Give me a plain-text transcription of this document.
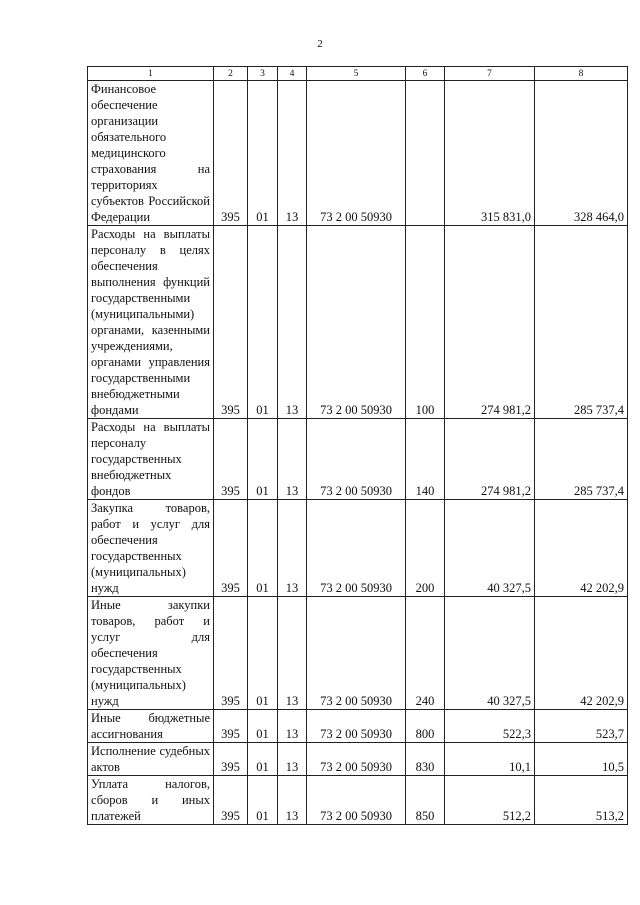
2
1	2	3	4	5	6	7	8
Финансовое обеспечение организации обязательного медицинского страхования на территориях субъектов Российской Федерации	395	01	13	73 2 00 50930		315 831,0	328 464,0
Расходы на выплаты персоналу в целях обеспечения выполнения функций государственными (муниципальными) органами, казенными учреждениями, органами управления государственными внебюджетными фондами	395	01	13	73 2 00 50930	100	274 981,2	285 737,4
Расходы на выплаты персоналу государственных внебюджетных фондов	395	01	13	73 2 00 50930	140	274 981,2	285 737,4
Закупка товаров, работ и услуг для обеспечения государственных (муниципальных) нужд	395	01	13	73 2 00 50930	200	40 327,5	42 202,9
Иные закупки товаров, работ и услуг для обеспечения государственных (муниципальных) нужд	395	01	13	73 2 00 50930	240	40 327,5	42 202,9
Иные бюджетные ассигнования	395	01	13	73 2 00 50930	800	522,3	523,7
Исполнение судебных актов	395	01	13	73 2 00 50930	830	10,1	10,5
Уплата налогов, сборов и иных платежей	395	01	13	73 2 00 50930	850	512,2	513,2
